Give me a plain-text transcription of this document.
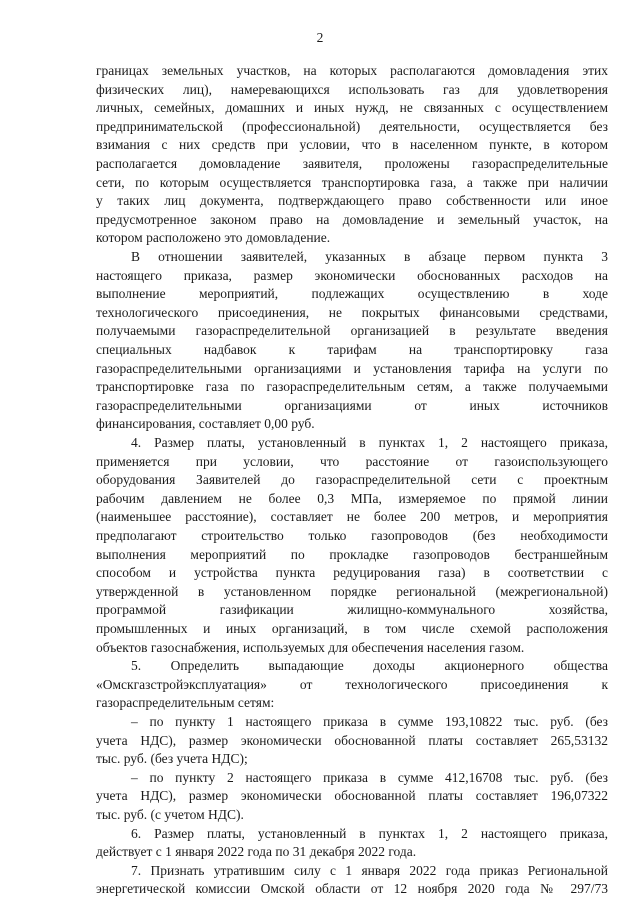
2
границах земельных участков, на которых располагаются домовладения этих
физических лиц), намеревающихся использовать газ для удовлетворения
личных, семейных, домашних и иных нужд, не связанных с осуществлением
предпринимательской (профессиональной) деятельности, осуществляется без
взимания с них средств при условии, что в населенном пункте, в котором
располагается домовладение заявителя, проложены газораспределительные
сети, по которым осуществляется транспортировка газа, а также при наличии
у таких лиц документа, подтверждающего право собственности или иное
предусмотренное законом право на домовладение и земельный участок, на
котором расположено это домовладение.
В отношении заявителей, указанных в абзаце первом пункта 3
настоящего приказа, размер экономически обоснованных расходов на
выполнение мероприятий, подлежащих осуществлению в ходе
технологического присоединения, не покрытых финансовыми средствами,
получаемыми газораспределительной организацией в результате введения
специальных надбавок к тарифам на транспортировку газа
газораспределительными организациями и установления тарифа на услуги по
транспортировке газа по газораспределительным сетям, а также получаемыми
газораспределительными организациями от иных источников
финансирования, составляет 0,00 руб.
4. Размер платы, установленный в пунктах 1, 2 настоящего приказа,
применяется при условии, что расстояние от газоиспользующего
оборудования Заявителей до газораспределительной сети с проектным
рабочим давлением не более 0,3 МПа, измеряемое по прямой линии
(наименьшее расстояние), составляет не более 200 метров, и мероприятия
предполагают строительство только газопроводов (без необходимости
выполнения мероприятий по прокладке газопроводов бестраншейным
способом и устройства пункта редуцирования газа) в соответствии с
утвержденной в установленном порядке региональной (межрегиональной)
программой газификации жилищно-коммунального хозяйства,
промышленных и иных организаций, в том числе схемой расположения
объектов газоснабжения, используемых для обеспечения населения газом.
5. Определить выпадающие доходы акционерного общества
«Омскгазстройэксплуатация» от технологического присоединения к
газораспределительным сетям:
– по пункту 1 настоящего приказа в сумме 193,10822 тыс. руб. (без
учета НДС), размер экономически обоснованной платы составляет 265,53132
тыс. руб. (без учета НДС);
– по пункту 2 настоящего приказа в сумме 412,16708 тыс. руб. (без
учета НДС), размер экономически обоснованной платы составляет 196,07322
тыс. руб. (с учетом НДС).
6. Размер платы, установленный в пунктах 1, 2 настоящего приказа,
действует с 1 января 2022 года по 31 декабря 2022 года.
7. Признать утратившим силу с 1 января 2022 года приказ Региональной
энергетической комиссии Омской области от 12 ноября 2020 года № 297/73
